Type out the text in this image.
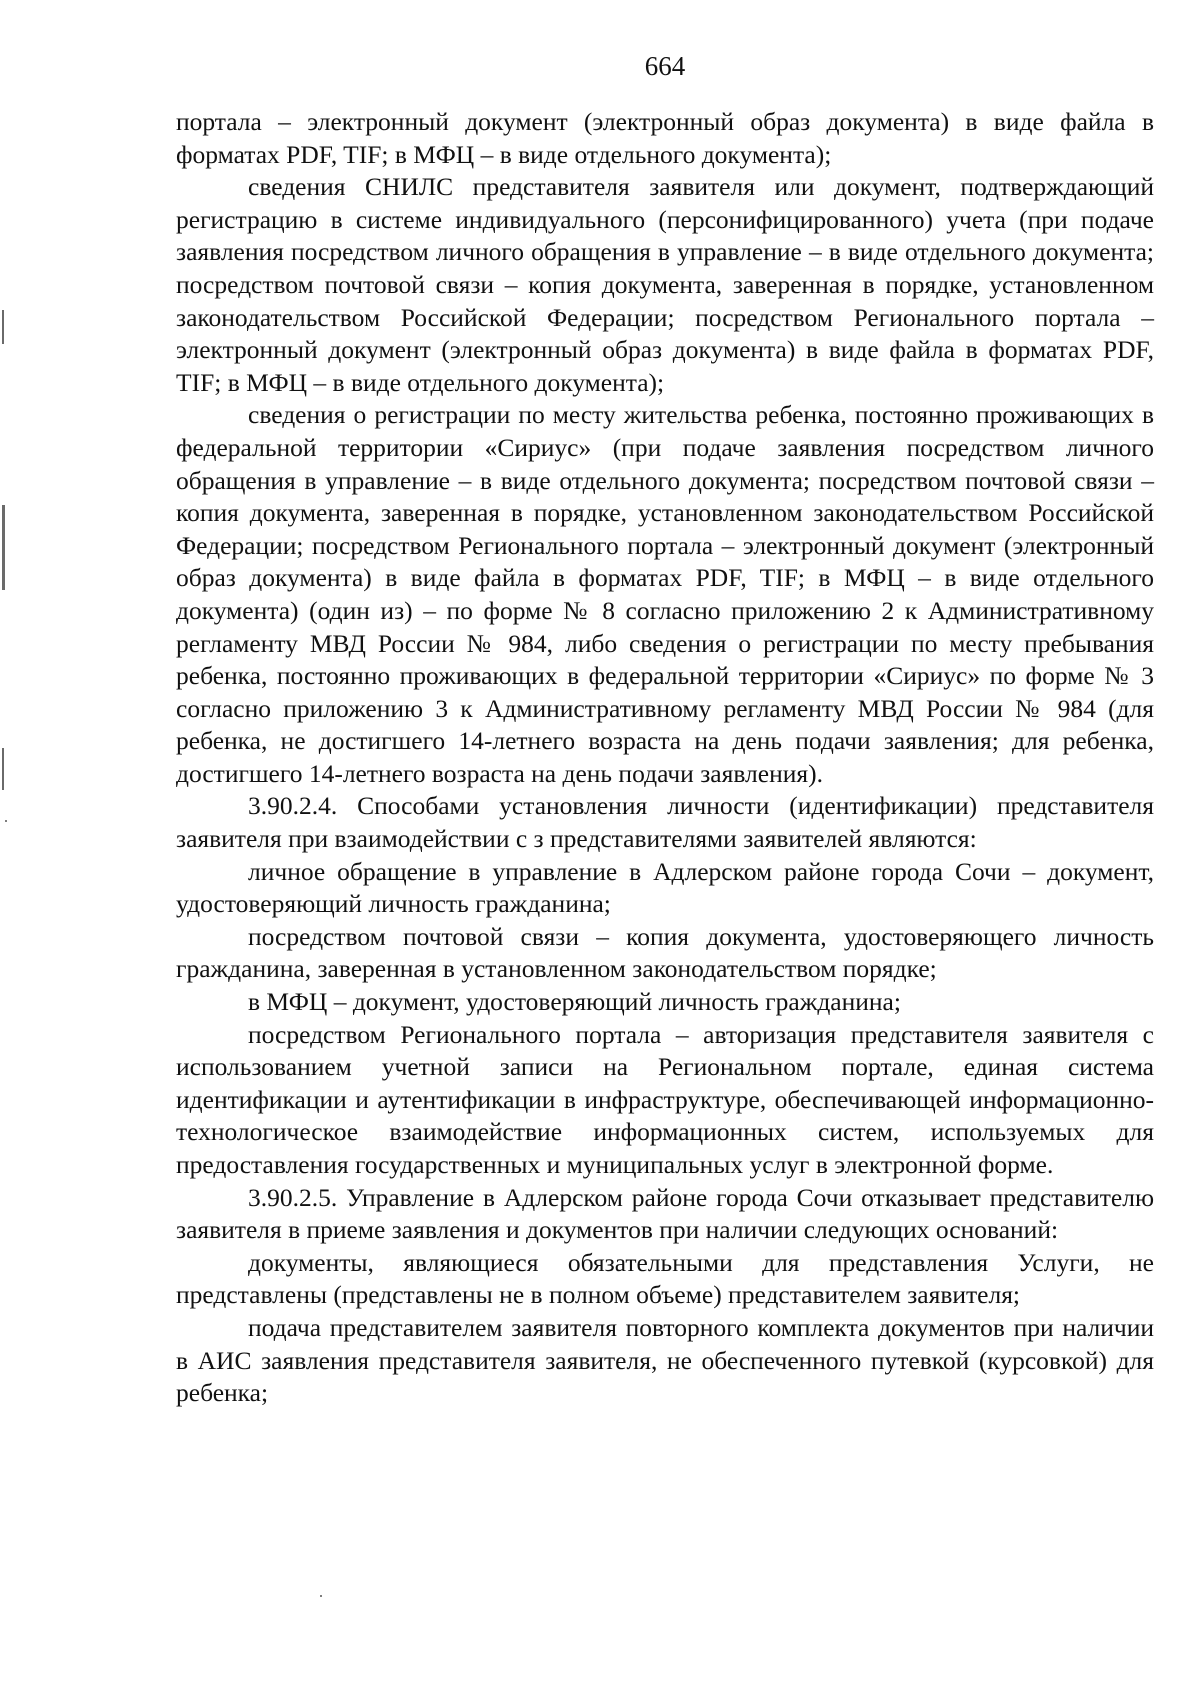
664

портала – электронный документ (электронный образ документа) в виде файла в форматах PDF, TIF; в МФЦ – в виде отдельного документа);

сведения СНИЛС представителя заявителя или документ, подтверждающий регистрацию в системе индивидуального (персонифицированного) учета (при подаче заявления посредством личного обращения в управление – в виде отдельного документа; посредством почтовой связи – копия документа, заверенная в порядке, установленном законодательством Российской Федерации; посредством Регионального портала – электронный документ (электронный образ документа) в виде файла в форматах PDF, TIF; в МФЦ – в виде отдельного документа);

сведения о регистрации по месту жительства ребенка, постоянно проживающих в федеральной территории «Сириус» (при подаче заявления посредством личного обращения в управление – в виде отдельного документа; посредством почтовой связи – копия документа, заверенная в порядке, установленном законодательством Российской Федерации; посредством Регионального портала – электронный документ (электронный образ документа) в виде файла в форматах PDF, TIF; в МФЦ – в виде отдельного документа) (один из) – по форме № 8 согласно приложению 2 к Административному регламенту МВД России № 984, либо сведения о регистрации по месту пребывания ребенка, постоянно проживающих в федеральной территории «Сириус» по форме № 3 согласно приложению 3 к Административному регламенту МВД России № 984 (для ребенка, не достигшего 14-летнего возраста на день подачи заявления; для ребенка, достигшего 14-летнего возраста на день подачи заявления).

3.90.2.4. Способами установления личности (идентификации) представителя заявителя при взаимодействии с з представителями заявителей являются:

личное обращение в управление в Адлерском районе города Сочи – документ, удостоверяющий личность гражданина;

посредством почтовой связи – копия документа, удостоверяющего личность гражданина, заверенная в установленном законодательством порядке;

в МФЦ – документ, удостоверяющий личность гражданина;

посредством Регионального портала – авторизация представителя заявителя с использованием учетной записи на Региональном портале, единая система идентификации и аутентификации в инфраструктуре, обеспечивающей информационно-технологическое взаимодействие информационных систем, используемых для предоставления государственных и муниципальных услуг в электронной форме.

3.90.2.5. Управление в Адлерском районе города Сочи отказывает представителю заявителя в приеме заявления и документов при наличии следующих оснований:

документы, являющиеся обязательными для представления Услуги, не представлены (представлены не в полном объеме) представителем заявителя;

подача представителем заявителя повторного комплекта документов при наличии в АИС заявления представителя заявителя, не обеспеченного путевкой (курсовкой) для ребенка;
